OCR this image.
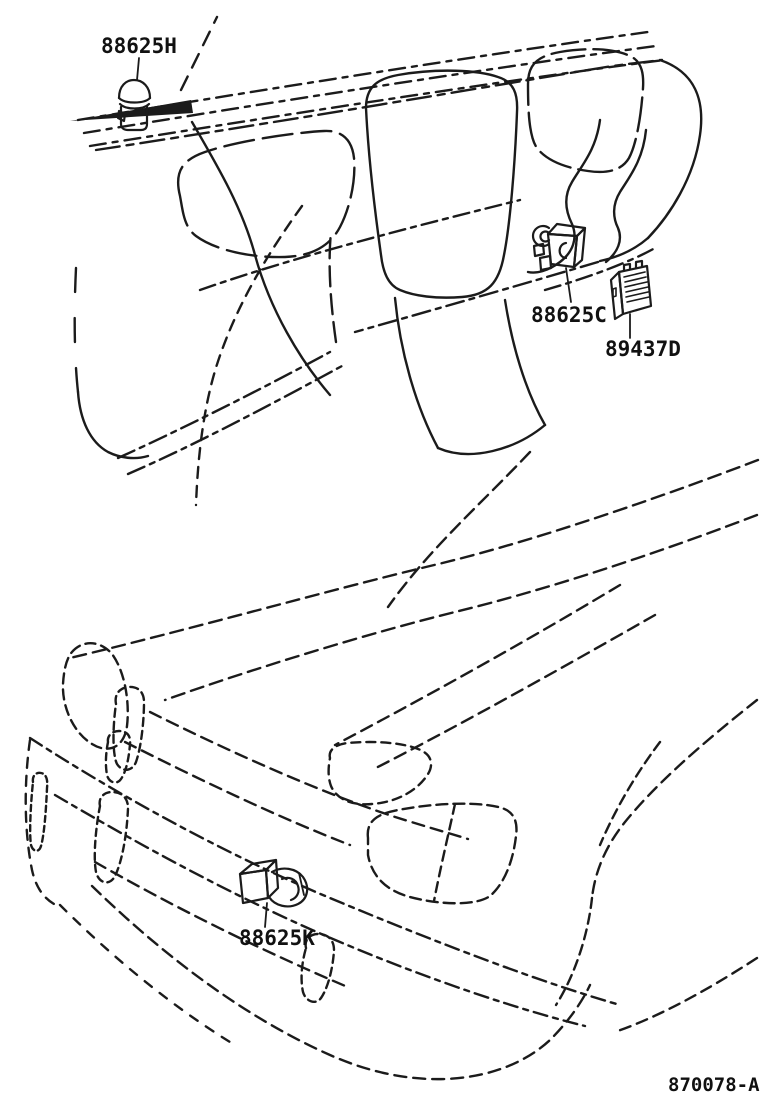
88625H
88625C
89437D
88625K
870078-A
